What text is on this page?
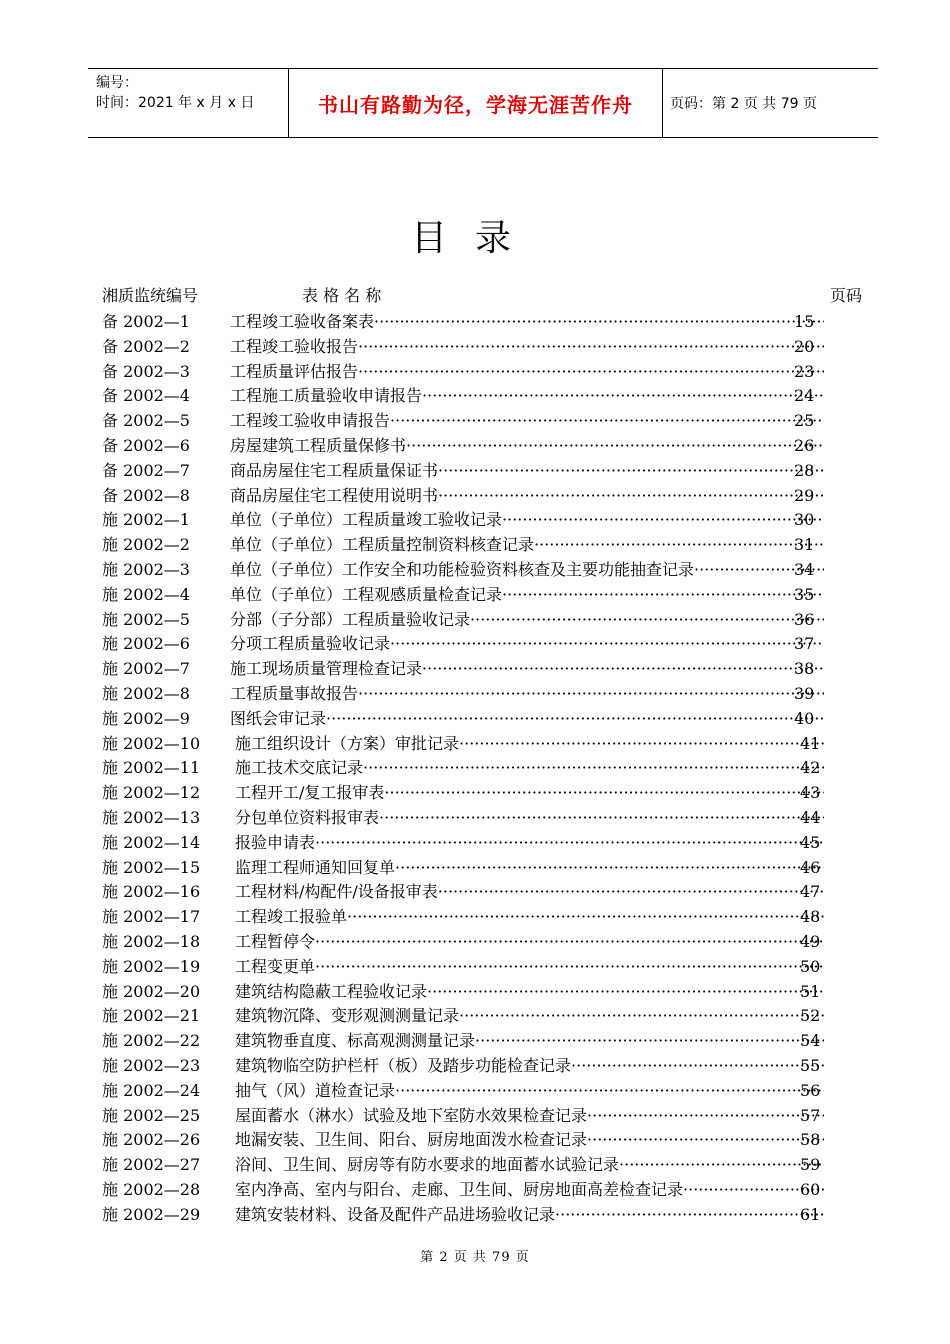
编号：
时间：2021 年 x 月 x 日	书山有路勤为径，学海无涯苦作舟	页码：第 2 页 共 79 页
目录
湘质监统编号	表 格 名 称	页码
备 2002—1	工程竣工验收备案表 ·····	15
备 2002—2	工程竣工验收报告 ·····	20
备 2002—3	工程质量评估报告 ·····	23
备 2002—4	工程施工质量验收申请报告 ·····	24
备 2002—5	工程竣工验收申请报告 ·····	25
备 2002—6	房屋建筑工程质量保修书 ·····	26
备 2002—7	商品房屋住宅工程质量保证书 ·····	28
备 2002—8	商品房屋住宅工程使用说明书 ·····	29
施 2002—1	单位（子单位）工程质量竣工验收记录 ·····	30
施 2002—2	单位（子单位）工程质量控制资料核查记录 ·····	31
施 2002—3	单位（子单位）工作安全和功能检验资料核查及主要功能抽查记录 ·····	34
施 2002—4	单位（子单位）工程观感质量检查记录 ·····	35
施 2002—5	分部（子分部）工程质量验收记录 ·····	36
施 2002—6	分项工程质量验收记录 ·····	37
施 2002—7	施工现场质量管理检查记录 ·····	38
施 2002—8	工程质量事故报告 ·····	39
施 2002—9	图纸会审记录 ·····	40
施 2002—10 施工组织设计（方案）审批记录 ·····	41
施 2002—11 施工技术交底记录 ·····	42
施 2002—12 工程开工/复工报审表 ·····	43
施 2002—13 分包单位资料报审表 ·····	44
施 2002—14 报验申请表 ·····	45
施 2002—15 监理工程师通知回复单 ·····	46
施 2002—16 工程材料/构配件/设备报审表 ·····	47
施 2002—17 工程竣工报验单 ·····	48
施 2002—18 工程暂停令 ·····	49
施 2002—19 工程变更单 ·····	50
施 2002—20 建筑结构隐蔽工程验收记录 ·····	51
施 2002—21 建筑物沉降、变形观测测量记录 ·····	52
施 2002—22 建筑物垂直度、标高观测测量记录 ·····	54
施 2002—23 建筑物临空防护栏杆（板）及踏步功能检查记录 ·····	55
施 2002—24 抽气（风）道检查记录 ·····	56
施 2002—25 屋面蓄水（淋水）试验及地下室防水效果检查记录 ·····	57
施 2002—26 地漏安装、卫生间、阳台、厨房地面泼水检查记录 ·····	58
施 2002—27 浴间、卫生间、厨房等有防水要求的地面蓄水试验记录 ·····	59
施 2002—28 室内净高、室内与阳台、走廊、卫生间、厨房地面高差检查记录 ·····	60
施 2002—29 建筑安装材料、设备及配件产品进场验收记录 ·····	61
第 2 页 共 79 页
